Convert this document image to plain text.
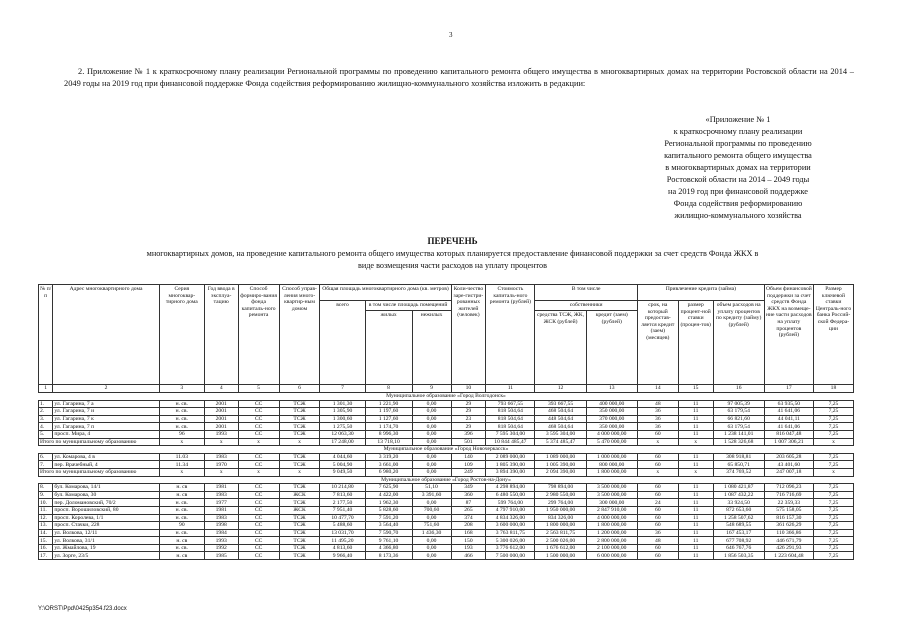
3
2. Приложение № 1 к краткосрочному плану реализации Региональной программы по проведению капитального ремонта общего имущества в многоквартирных домах на территории Ростовской области на 2014 – 2049 годы на 2019 год при финансовой поддержке Фонда содействия реформированию жилищно-коммунального хозяйства изложить в редакции:
«Приложение № 1
к краткосрочному плану реализации
Региональной программы по проведению
капитального ремонта общего имущества
в многоквартирных домах на территории
Ростовской области на 2014 – 2049 годы
на 2019 год при финансовой поддержке
Фонда содействия реформированию
жилищно-коммунального хозяйства
ПЕРЕЧЕНЬ
многоквартирных домов, на проведение капитального ремонта общего имущества которых планируется предоставление финансовой поддержки за счет средств Фонда ЖКХ в виде возмещения части расходов на уплату процентов
№ п/п	Адрес многоквартирного дома	Серия многоквар-тирного дома	Год ввода в эксплуа-тацию	Способ формиро-вания фонда капиталь-ного ремонта	Способ управ-ления много-квартир-ным домом	Общая площадь многоквартирного дома (кв. метров)			Коли-чество заре-гистри-рованных жителей (человек)	Стоимость капиталь-ного ремонта (рублей)	В том числе		Привлечение кредита (займа)			Объем финансовой поддержки за счет средств Фонда ЖКХ на возмеще-ние части расходов на уплату процентов (рублей)	Размер ключевой ставки Централь-ного банка Россий-ской Федера-ции
						всего	в том числе площадь помещений				собственники		срок, на который предостав-ляется кредит (заем) (месяцев)	размер процент-ной ставки (процен-тов)	объем расходов на уплату процентов по кредиту (займу) (рублей)		
							жилых	нежилых			средства ТСЖ, ЖК, ЖСК (рублей)	кредит (заем) (рублей)					
1	2	3	4	5	6	7	8	9	10	11	12	13	14	15	16	17	18
Муниципальное образование «Город Волгодонск»																	
1.	ул. Гагарина, 7 а	н. св.	2001	СС	ТСЖ	1 301,30	1 221,90	0,00	29	793 667,55	393 667,55	400 000,00	48	11	97 005,39	63 935,50	7,25
2.	ул. Гагарина, 7 и	н. св.	2001	СС	ТСЖ	1 305,90	1 197,60	0,00	29	818 504,64	468 504,64	350 000,00	36	11	63 179,54	41 641,06	7,25
3.	ул. Гагарина, 7 к	н. св.	2001	СС	ТСЖ	1 300,60	1 127,60	0,00	23	818 504,64	448 504,64	370 000,00	36	11	66 821,60	44 041,11	7,25
4.	ул. Гагарина, 7 п	н. св.	2001	СС	ТСЖ	1 275,50	1 174,70	0,00	29	818 504,64	468 504,64	350 000,00	36	11	63 179,54	41 641,06	7,25
5.	просп. Мира, 4	96	1993	СС	ТСЖ	12 063,30	8 996,30	0,00	396	7 595 304,00	3 595 304,00	4 000 000,00	60	11	1 238 141,01	816 047,48	7,25
Итого по муниципальному образованию		x	x	x	x	17 248,00	13 718,10	0,00	501	10 844 485,47	5 374 485,47	5 470 000,00	x	x	1 528 326,68	1 007 306,21	x
Муниципальное образование «Город Новочеркасск»																	
6.	ул. Комарова, 4 в	11.03	1983	СС	ТСЖ	4 044,60	3 319,20	0,00	140	2 089 000,00	1 089 000,00	1 000 000,00	60	11	308 918,81	203 605,28	7,25
7.	пер. Врачебный, 4	11.34	1970	СС	ТСЖ	5 004,90	3 661,00	0,00	109	1 805 390,00	1 005 390,00	800 000,00	60	11	65 850,71	43 401,60	7,25
Итого по муниципальному образованию		x	x	x	x	9 049,50	6 980,20	0,00	249	3 894 390,00	2 094 390,00	1 800 000,00	x	x	374 769,52	247 007,18	x
Муниципальное образование «Город Ростов-на-Дону»																	
8.	бул. Комарова, 14/1	н. св	1981	СС	ТСЖ	10 214,80	7 625,90	51,10	349	4 298 894,00	798 894,00	3 500 000,00	60	11	1 080 421,87	712 096,23	7,25
9.	бул. Комарова, 30	н. св	1983	СС	ЖСК	7 813,60	4 422,00	3 391,60	360	6 480 550,00	2 980 550,00	3 500 000,00	60	11	1 087 432,22	716 716,69	7,25
10.	пер. Доломановский, 70/2	н. св.	1977	СС	ТСЖ	2 177,50	1 962,30	0,00	87	599 764,00	299 764,00	300 000,00	24	11	33 924,50	22 359,33	7,25
11.	просп. Ворошиловский, 80	н. св.	1981	СС	ЖСК	7 951,40	5 828,60	700,60	265	4 797 910,00	1 950 000,00	2 847 910,00	60	11	872 653,60	575 158,05	7,25
12.	просп. Королева, 1/1	н. св.	1983	СС	ТСЖ	10 477,70	7 591,20	0,00	374	4 834 326,00	834 326,00	4 000 000,00	60	11	1 258 507,62	816 157,30	7,25
13.	просп. Стачки, 228	90	1998	СС	ТСЖ	5 488,60	3 564,40	751,60	208	3 600 000,00	1 800 000,00	1 800 000,00	60	11	548 689,55	361 626,29	7,25
14.	ул. Волкова, 12/11	н. св.	1984	СС	ТСЖ	13 031,70	7 590,70	1 436,30	168	3 763 811,75	2 563 811,75	1 200 000,00	36	11	167 453,17	110 366,86	7,25
15.	ул. Волкова, 31/1	н. св	1993	СС	ТСЖ	11 495,20	9 761,10	0,00	150	5 300 026,00	2 500 026,00	2 800 000,00	48	11	677 708,92	446 671,79	7,25
16.	ул. Жмайлова, 19	н. св.	1992	СС	ТСЖ	4 813,60	4 366,80	0,00	193	3 776 612,00	1 676 612,00	2 100 000,00	60	11	646 767,76	426 291,93	7,25
17.	ул. Зорге, 23/5	н. св	1985	СС	ТСЖ	9 966,40	8 173,36	0,00	466	7 500 000,00	1 500 000,00	6 000 000,00	60	11	1 856 503,35	1 223 604,48	7,25
Y:\ORST\Ppd\0425p354.f23.docx
